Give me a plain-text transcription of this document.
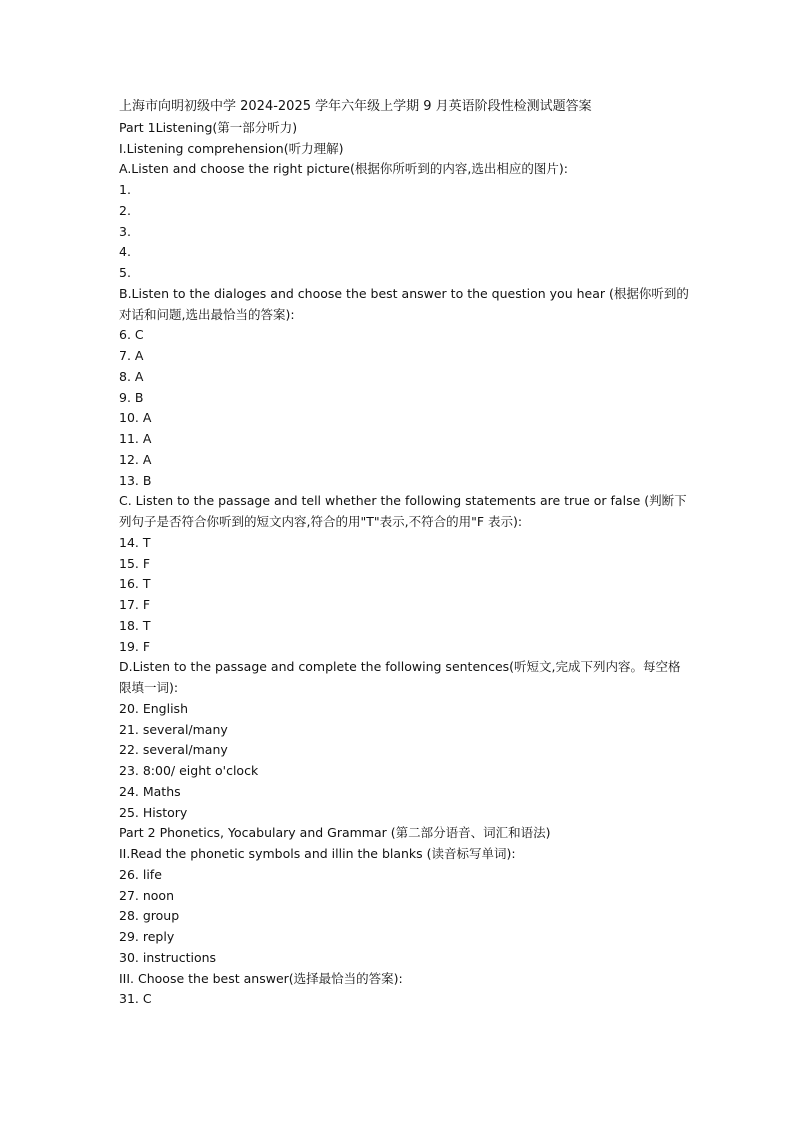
上海市向明初级中学 2024-2025 学年六年级上学期 9 月英语阶段性检测试题答案
Part 1Listening(第一部分听力)
I.Listening comprehension(听力理解)
A.Listen and choose the right picture(根据你所听到的内容,选出相应的图片):
1.
2.
3.
4.
5.
B.Listen to the dialoges and choose the best answer to the question you hear (根据你听到的对话和问题,选出最恰当的答案):
6. C
7. A
8. A
9. B
10. A
11. A
12. A
13. B
C. Listen to the passage and tell whether the following statements are true or false (判断下列句子是否符合你听到的短文内容,符合的用"T"表示,不符合的用"F 表示):
14. T
15. F
16. T
17. F
18. T
19. F
D.Listen to the passage and complete the following sentences(听短文,完成下列内容。每空格限填一词):
20. English
21. several/many
22. several/many
23. 8:00/ eight o'clock
24. Maths
25. History
Part 2 Phonetics, Yocabulary and Grammar (第二部分语音、词汇和语法)
II.Read the phonetic symbols and illin the blanks (读音标写单词):
26. life
27. noon
28. group
29. reply
30. instructions
III. Choose the best answer(选择最恰当的答案):
31. C
